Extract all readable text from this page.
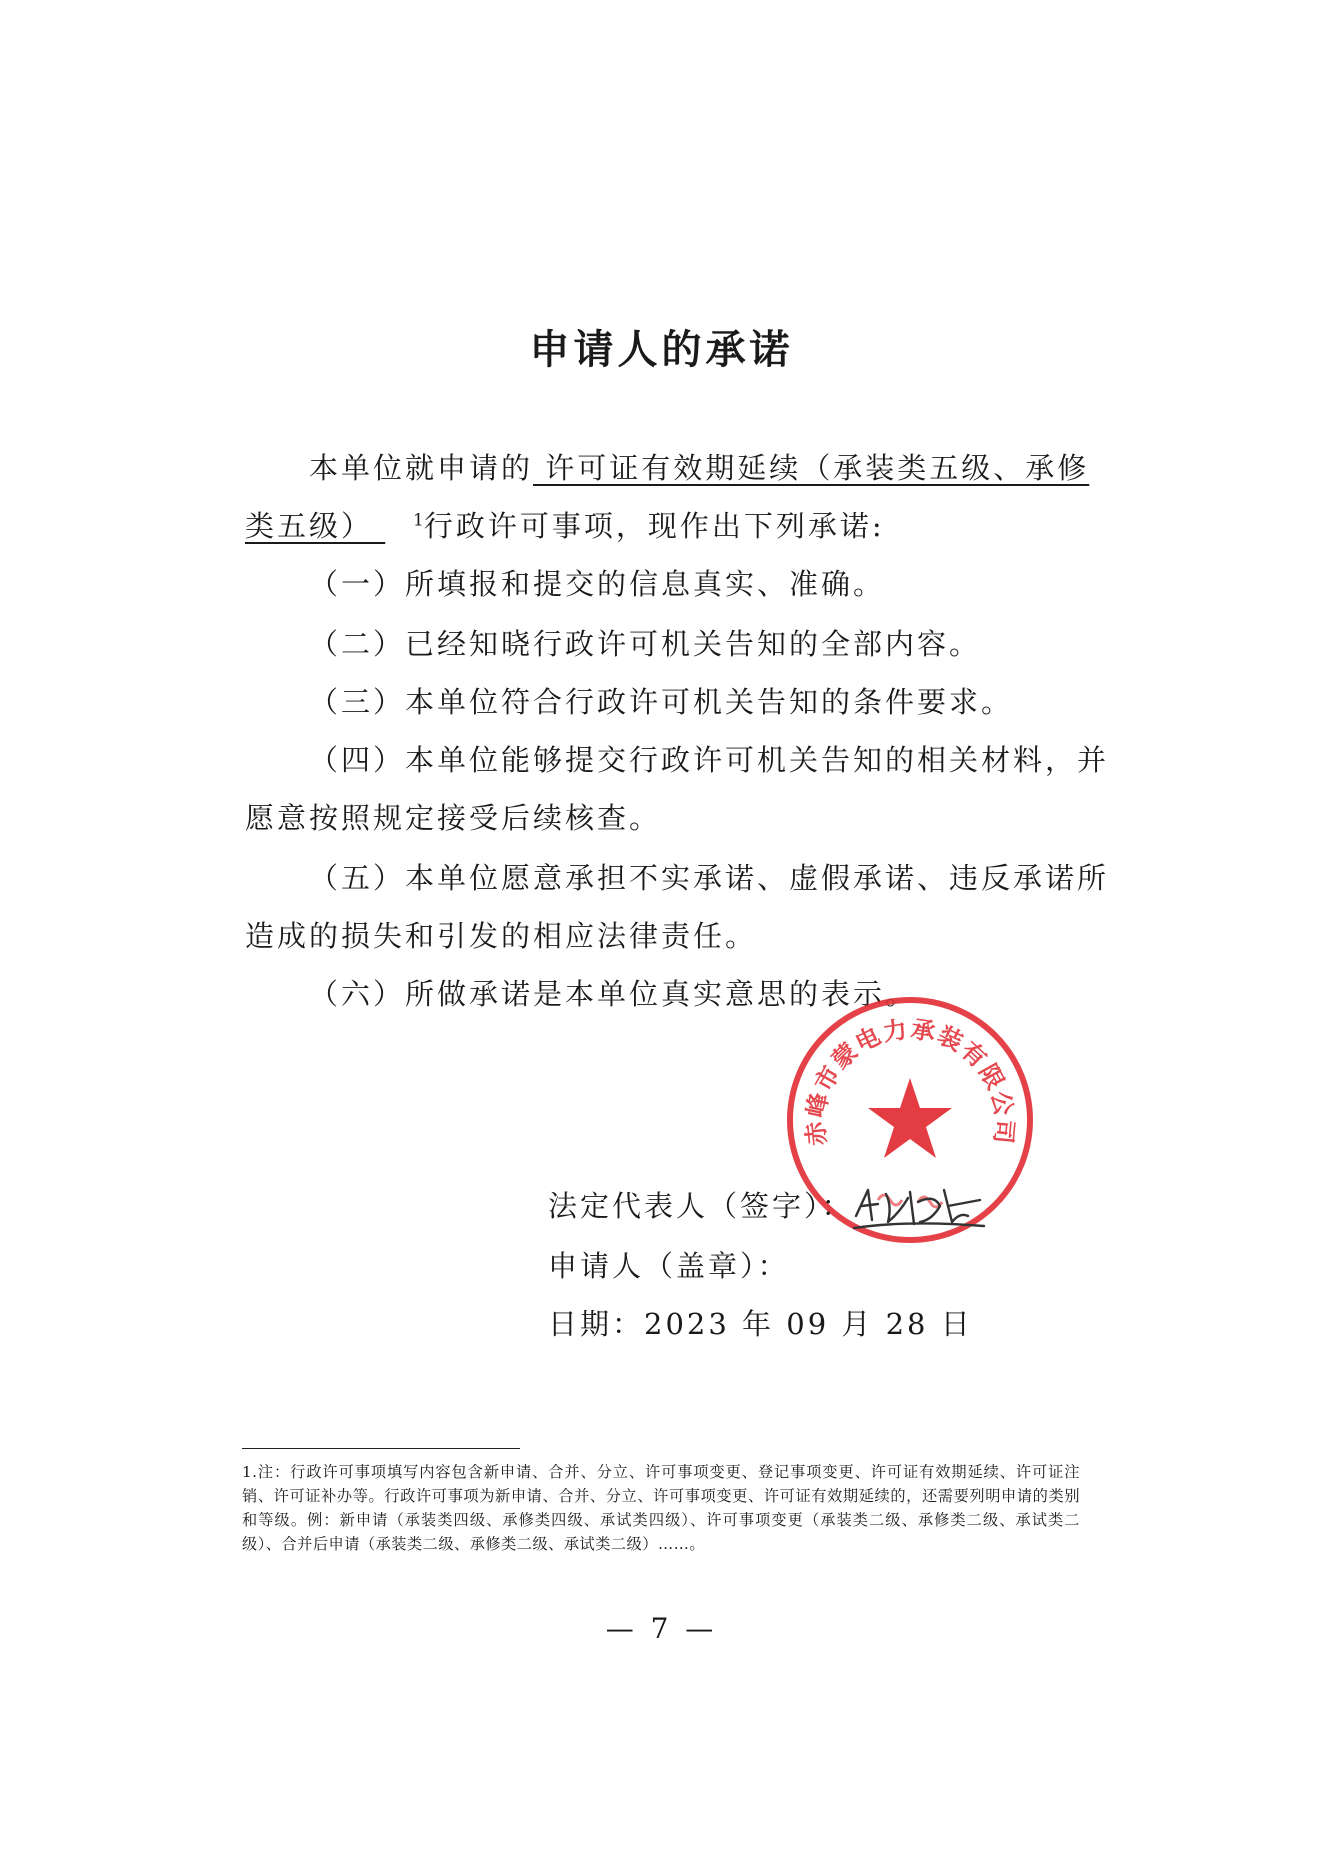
申请人的承诺
本单位就申请的 许可证有效期延续（承装类五级、承修
类五级） $^1$行政许可事项，现作出下列承诺:
（一）所填报和提交的信息真实、准确。
（二）已经知晓行政许可机关告知的全部内容。
（三）本单位符合行政许可机关告知的条件要求。
（四）本单位能够提交行政许可机关告知的相关材料，并
愿意按照规定接受后续核查。
（五）本单位愿意承担不实承诺、虚假承诺、违反承诺所
造成的损失和引发的相应法律责任。
（六）所做承诺是本单位真实意思的表示。
赤峰市蒙电力承装有限公司
法定代表人（签字）：
申请人（盖章）：
日期：2023 年 09 月 28 日
1.注：行政许可事项填写内容包含新申请、合并、分立、许可事项变更、登记事项变更、许可证有效期延续、许可证注销、许可证补办等。行政许可事项为新申请、合并、分立、许可事项变更、许可证有效期延续的，还需要列明申请的类别和等级。例：新申请（承装类四级、承修类四级、承试类四级）、许可事项变更（承装类二级、承修类二级、承试类二级）、合并后申请（承装类二级、承修类二级、承试类二级）……。
— 7 —
